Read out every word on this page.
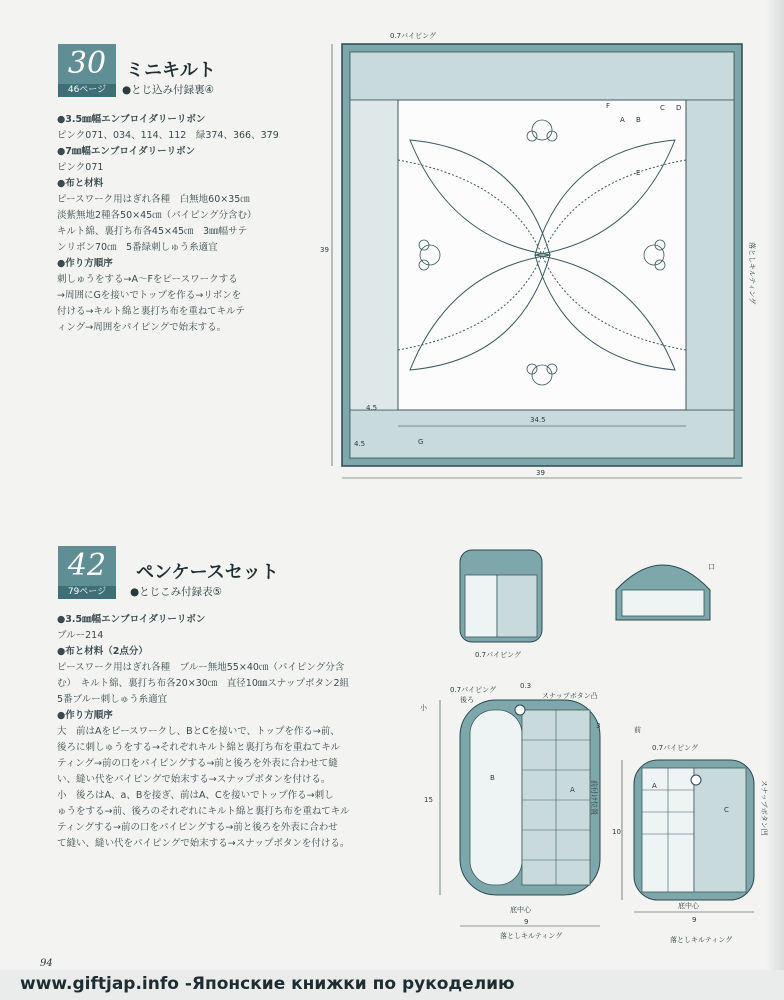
30
46ページ
ミニキルト
●とじ込み付録裏④
●3.5㎜幅エンブロイダリーリボン
ピンク071、034、114、112　緑374、366、379
●7㎜幅エンブロイダリーリボン
ピンク071
●布と材料
ピースワーク用はぎれ各種　白無地60×35㎝
淡紫無地2種各50×45㎝（パイピング分含む）
キルト綿、裏打ち布各45×45㎝　3㎜幅サテ
ンリボン70㎝　5番緑刺しゅう糸適宜
●作り方順序
刺しゅうをする→A～Fをピースワークする
→周囲にGを接いでトップを作る→リボンを
付ける→キルト綿と裏打ち布を重ねてキルテ
ィング→周囲をパイピングで始末する。
0.7パイピング
39
39
34.5
4.5
4.5
A B
C D
E
F
G
落としキルティング
42
79ページ
ペンケースセット
●とじこみ付録表⑤
●3.5㎜幅エンブロイダリーリボン
ブルー214
●布と材料（2点分）
ピースワーク用はぎれ各種　ブルー無地55×40㎝（パイピング分含
む）　キルト綿、裏打ち布各20×30㎝　直径10㎜スナップボタン2組
5番ブルー刺しゅう糸適宜
●作り方順序
大　前はAをピースワークし、BとCを接いで、トップを作る→前、
後ろに刺しゅうをする→それぞれキルト綿と裏打ち布を重ねてキル
ティング→前の口をパイピングする→前と後ろを外表に合わせて縫
い、縫い代をパイピングで始末する→スナップボタンを付ける。
小　後ろはA、a、Bを接ぎ、前はA、Cを接いでトップ作る→刺し
ゅうをする→前、後ろのそれぞれにキルト綿と裏打ち布を重ねてキル
ティングする→前の口をパイピングする→前と後ろを外表に合わせ
て縫い、縫い代をパイピングで始末する→スナップボタンを付ける。
0.7パイピング
口
0.7パイピング
後ろ
小
0.3
スナップボタン凸
3
15	前付け位置
底中心
9
落としキルティング
B
A
前
0.7パイピング
スナップボタン凹
10
底中心
9
落としキルティング
A
C
94
www.giftjap.info -Японские книжки по рукоделию
